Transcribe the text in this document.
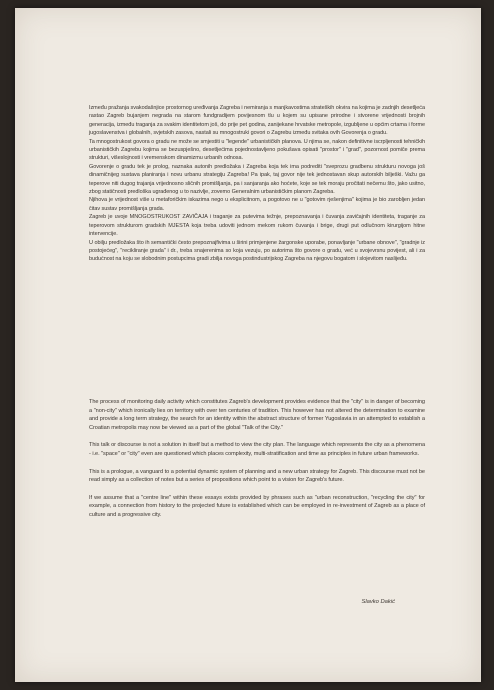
Između pražanja svakodašnjice prostornog uređivanja Zagreba i nemiranja s manjkavostima strateških okvira na kojima je zadnjih desetljeća rastao Zagreb bujanjem negrada na starom fundgradijem povijesnom tlu u kojem su upisane prirodne i stvorene vrijednosti brojnih generacija, između traganja za svakim identitetom još, do prije pet godina, zanijekane hrvatske metropole, izgubljene u općim crtama i forme jugoslavenstva i globalnih, svjetskih zasova, nastali su mnogostruki govori o Zagrebu između svitaka ovih Govorenja o gradu.

Ta mnogostrukost govora o gradu ne može se smjestiti u "legende" urbanističkih planova. U njima se, nakon definitivne iscrpljenosti tehničkih urbanističkih Zagrebu kojima se bezuspješno, desetljećima pojednostavljeno pokušava opisati "prostor" i "grad", pozornost pomiče prema strukturi, višeslojnosti i vremenskom dinamizmu urbanih odnosa.

Govorenje o gradu tek je prolog, naznaka autonih predložaka i Zagreba koja tek ima podrediti "sveprozu gradbenu strukturu novoga još dinamičnijeg sustava planiranja i novu urbanu strategiju Zagreba! Pa ipak, taj govor nije tek jednostavan skup autorskih bilješki. Važu ga teperove niti dugog trajanja vrijednosno sličnih promišljanja, pa i sanjaranja ako hoćete, koje se tek moraju pročitati nečemu što, jako usitno, zbog statičnosti predloška ugrađenog u to nazivlje, zovemo Generalnim urbanističkim planom Zagreba.

Njihova je vrijednost više u metaforičkim iskazima nego u eksplicitnom, a pogotovo ne u "gotovim rješenjima" kojima je bio zarobljen jedan čitav sustav promišljanja grada.

Zagreb je uvoje MNOGOSTRUKOST ZAVIČAJA i traganje za putevima težnje, prepoznavanja i čuvanja zavičajnih identiteta, traganje za teperovom strukturom gradskih MJESTA koja treba udoviti jednom mekom rukom čuvanja i brige, drugi put odlučnom kirurgijom hitne intervencije.

U obilju predložaka što ih semantički često prepoznajfivima u širini primjenjene žargonske uporabe, ponavljanje "urbane obnove", "gradnje iz postojećeg", "recikliranje grada" i dr., treba snajerenima so koja vezuju, po autorima što govore o gradu, već u svojevrsnu povijest, ali i za budućnost na koju se slobodnim postupcima gradi zbilja novoga postindustrijskog Zagreba na njegovu bogatom i slojevitom naslijeđu.

The process of monitoring daily activity which constitutes Zagreb's development provides evidence that the "city" is in danger of becoming a "non-city" which ironically lies on territory with over ten centuries of tradition. This however has not altered the determination to examine and provide a long term strategy, the search for an identity within the abstract structure of former Yugoslavia in an attempted to establish a Croatian metropolis may now be viewed as a part of the global "Talk of the City."

This talk or discourse is not a solution in itself but a method to view the city plan. The language which represents the city as a phenomena - i.e. "space" or "city" even are questioned which places complexity, multi-stratification and time as principles in future urban frameworks.

This is a prologue, a vanguard to a potential dynamic system of planning and a new urban strategy for Zagreb. This discourse must not be read simply as a collection of notes but a series of propositions which point to a vision for Zagreb's future.

If we assume that a "centre line" within these essays exists provided by phrases such as "urban reconstruction, "recycling the city" for example, a connection from history to the projected future is established which can be employed in re-investment of Zagreb as a place of culture and a progressive city.

Slavko Dakić
